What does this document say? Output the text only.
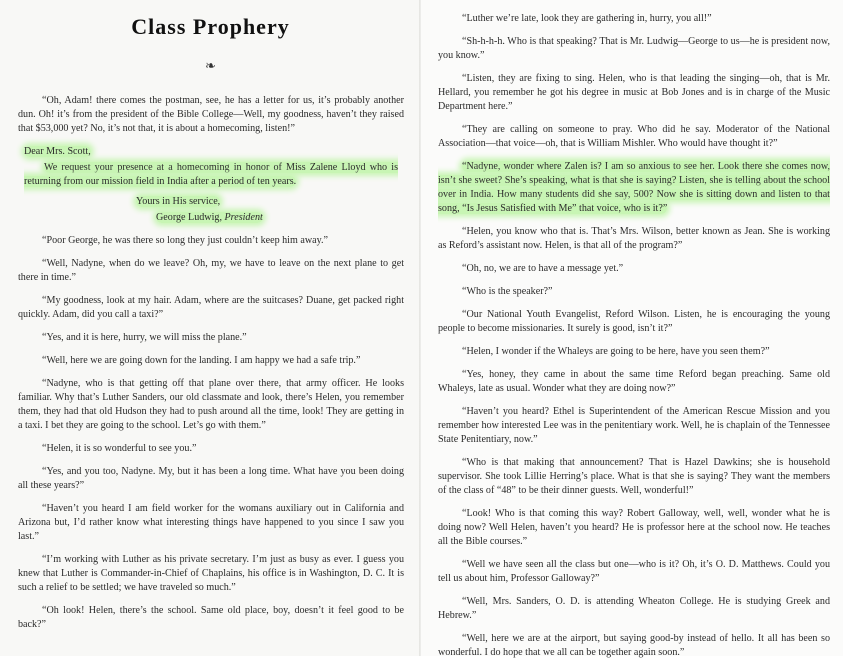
Class Prophery
❧

“Oh, Adam! there comes the postman, see, he has a letter for us, it’s probably another dun. Oh! it’s from the president of the Bible College—Well, my goodness, haven’t they raised that $53,000 yet? No, it’s not that, it is about a homecoming, listen!”

Dear Mrs. Scott,
We request your presence at a homecoming in honor of Miss Zalene Lloyd who is returning from our mission field in India after a period of ten years.
Yours in His service,
George Ludwig, President

“Poor George, he was there so long they just couldn’t keep him away.”

“Well, Nadyne, when do we leave? Oh, my, we have to leave on the next plane to get there in time.”

“My goodness, look at my hair. Adam, where are the suitcases? Duane, get packed right quickly. Adam, did you call a taxi?”

“Yes, and it is here, hurry, we will miss the plane.”

“Well, here we are going down for the landing. I am happy we had a safe trip.”

“Nadyne, who is that getting off that plane over there, that army officer. He looks familiar. Why that’s Luther Sanders, our old classmate and look, there’s Helen, you remember them, they had that old Hudson they had to push around all the time, look! They are getting in a taxi. I bet they are going to the school. Let’s go with them.”

“Helen, it is so wonderful to see you.”

“Yes, and you too, Nadyne. My, but it has been a long time. What have you been doing all these years?”

“Haven’t you heard I am field worker for the womans auxiliary out in California and Arizona but, I’d rather know what interesting things have happened to you since I saw you last.”

“I’m working with Luther as his private secretary. I’m just as busy as ever. I guess you knew that Luther is Commander-in-Chief of Chaplains, his office is in Washington, D. C. It is such a relief to be settled; we have traveled so much.”

“Oh look! Helen, there’s the school. Same old place, boy, doesn’t it feel good to be back?”

“Luther we’re late, look they are gathering in, hurry, you all!”

“Sh-h-h-h. Who is that speaking? That is Mr. Ludwig—George to us—he is president now, you know.”

“Listen, they are fixing to sing. Helen, who is that leading the singing—oh, that is Mr. Hellard, you remember he got his degree in music at Bob Jones and is in charge of the Music Department here.”

“They are calling on someone to pray. Who did he say. Moderator of the National Association—that voice—oh, that is William Mishler. Who would have thought it?”

“Nadyne, wonder where Zalen is? I am so anxious to see her. Look there she comes now, isn’t she sweet? She’s speaking, what is that she is saying? Listen, she is telling about the school over in India. How many students did she say, 500? Now she is sitting down and listen to that song, “Is Jesus Satisfied with Me” that voice, who is it?”

“Helen, you know who that is. That’s Mrs. Wilson, better known as Jean. She is working as Reford’s assistant now. Helen, is that all of the program?”

“Oh, no, we are to have a message yet.”

“Who is the speaker?”

“Our National Youth Evangelist, Reford Wilson. Listen, he is encouraging the young people to become missionaries. It surely is good, isn’t it?”

“Helen, I wonder if the Whaleys are going to be here, have you seen them?”

“Yes, honey, they came in about the same time Reford began preaching. Same old Whaleys, late as usual. Wonder what they are doing now?”

“Haven’t you heard? Ethel is Superintendent of the American Rescue Mission and you remember how interested Lee was in the penitentiary work. Well, he is chaplain of the Tennessee State Penitentiary, now.”

“Who is that making that announcement? That is Hazel Dawkins; she is household supervisor. She took Lillie Herring’s place. What is that she is saying? They want the members of the class of “48” to be their dinner guests. Well, wonderful!”

“Look! Who is that coming this way? Robert Galloway, well, well, wonder what he is doing now? Well Helen, haven’t you heard? He is professor here at the school now. He teaches all the Bible courses.”

“Well we have seen all the class but one—who is it? Oh, it’s O. D. Matthews. Could you tell us about him, Professor Galloway?”

“Well, Mrs. Sanders, O. D. is attending Wheaton College. He is studying Greek and Hebrew.”

“Well, here we are at the airport, but saying good-by instead of hello. It all has been so wonderful. I do hope that we all can be together again soon.”
